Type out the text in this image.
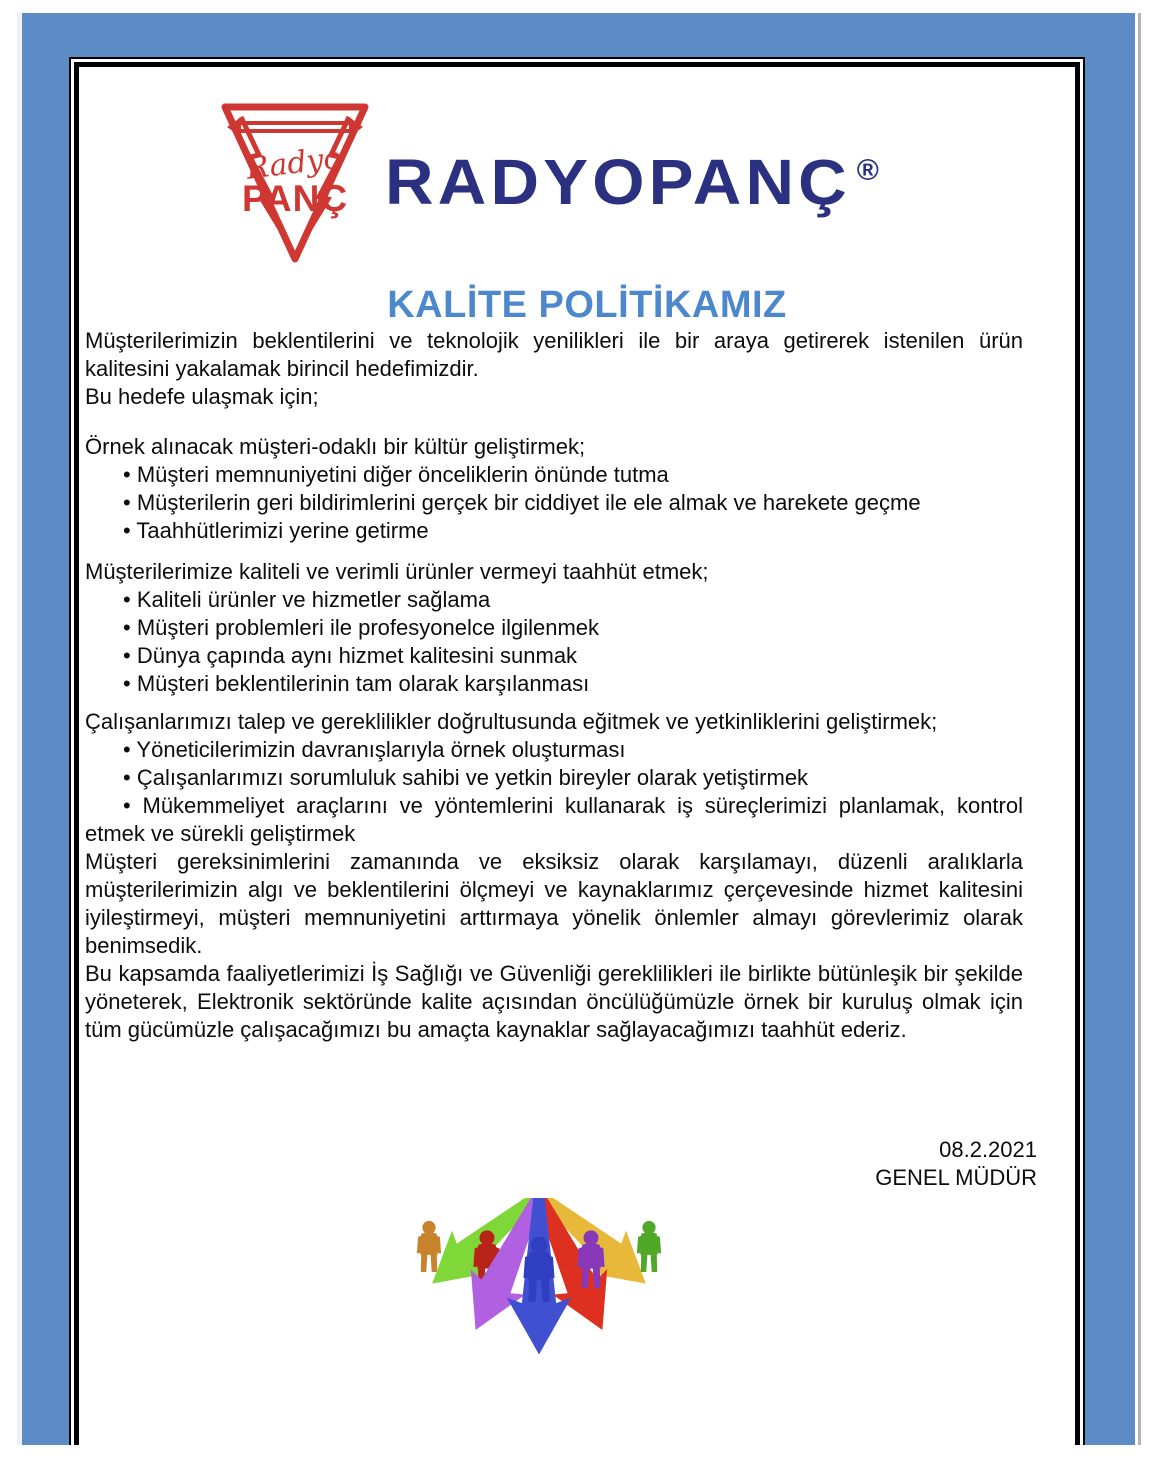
Radyo
PANÇ RADYOPANÇ ®
KALİTE POLİTİKAMIZ

Müşterilerimizin beklentilerini ve teknolojik yenilikleri ile bir araya getirerek istenilen ürün kalitesini yakalamak birincil hedefimizdir.

Bu hedefe ulaşmak için;

Örnek alınacak müşteri-odaklı bir kültür geliştirmek;

• Müşteri memnuniyetini diğer önceliklerin önünde tutma

• Müşterilerin geri bildirimlerini gerçek bir ciddiyet ile ele almak ve harekete geçme

• Taahhütlerimizi yerine getirme

Müşterilerimize kaliteli ve verimli ürünler vermeyi taahhüt etmek;

• Kaliteli ürünler ve hizmetler sağlama

• Müşteri problemleri ile profesyonelce ilgilenmek

• Dünya çapında aynı hizmet kalitesini sunmak

• Müşteri beklentilerinin tam olarak karşılanması

Çalışanlarımızı talep ve gereklilikler doğrultusunda eğitmek ve yetkinliklerini geliştirmek;

• Yöneticilerimizin davranışlarıyla örnek oluşturması

• Çalışanlarımızı sorumluluk sahibi ve yetkin bireyler olarak yetiştirmek

• Mükemmeliyet araçlarını ve yöntemlerini kullanarak iş süreçlerimizi planlamak, kontrol etmek ve sürekli geliştirmek

Müşteri gereksinimlerini zamanında ve eksiksiz olarak karşılamayı, düzenli aralıklarla müşterilerimizin algı ve beklentilerini ölçmeyi ve kaynaklarımız çerçevesinde hizmet kalitesini iyileştirmeyi, müşteri memnuniyetini arttırmaya yönelik önlemler almayı görevlerimiz olarak benimsedik.

Bu kapsamda faaliyetlerimizi İş Sağlığı ve Güvenliği gereklilikleri ile birlikte bütünleşik bir şekilde yöneterek, Elektronik sektöründe kalite açısından öncülüğümüzle örnek bir kuruluş olmak için tüm gücümüzle çalışacağımızı bu amaçta kaynaklar sağlayacağımızı taahhüt ederiz.

08.2.2021

GENEL MÜDÜR
